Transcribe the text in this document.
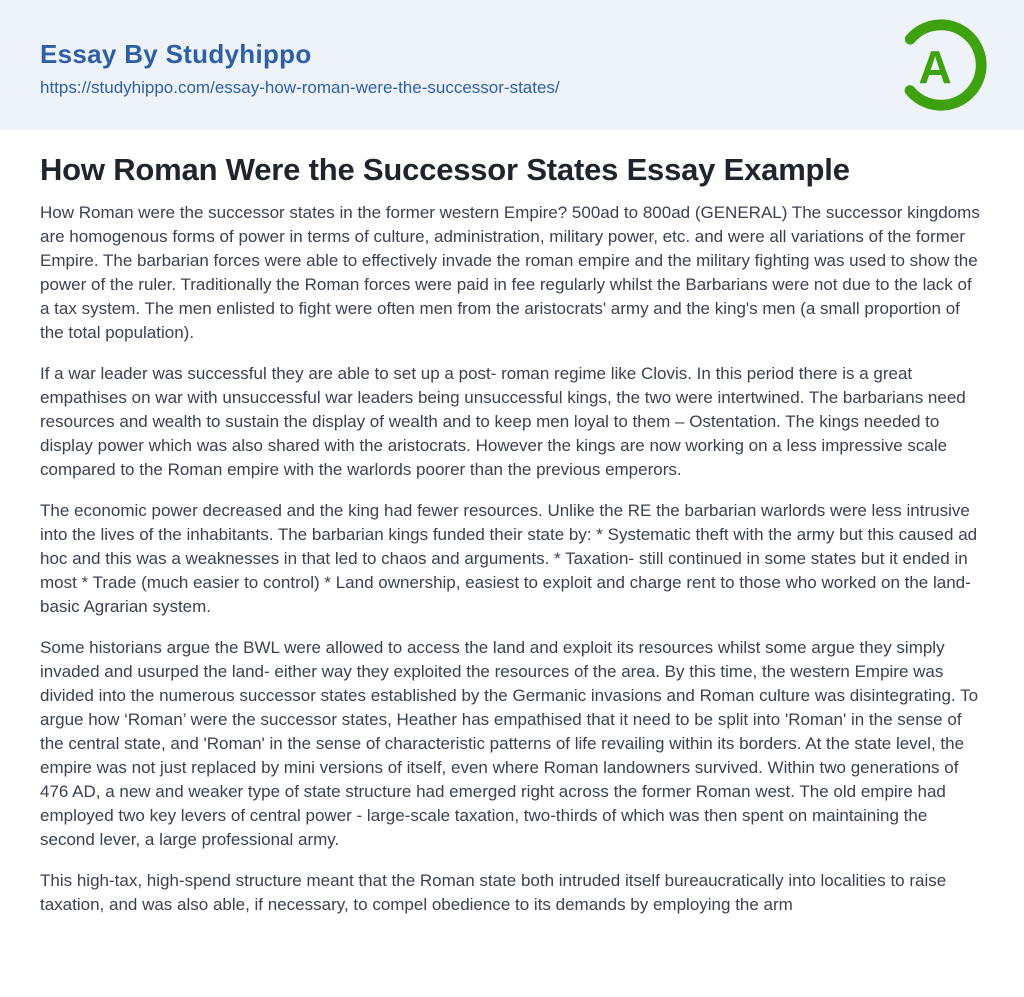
Essay By Studyhippo
https://studyhippo.com/essay-how-roman-were-the-successor-states/	A
How Roman Were the Successor States Essay Example

How Roman were the successor states in the former western Empire? 500ad to 800ad (GENERAL) The successor kingdoms are homogenous forms of power in terms of culture, administration, military power, etc. and were all variations of the former Empire. The barbarian forces were able to effectively invade the roman empire and the military fighting was used to show the power of the ruler. Traditionally the Roman forces were paid in fee regularly whilst the Barbarians were not due to the lack of a tax system. The men enlisted to fight were often men from the aristocrats' army and the king's men (a small proportion of the total population).

If a war leader was successful they are able to set up a post- roman regime like Clovis. In this period there is a great empathises on war with unsuccessful war leaders being unsuccessful kings, the two were intertwined. The barbarians need resources and wealth to sustain the display of wealth and to keep men loyal to them – Ostentation. The kings needed to display power which was also shared with the aristocrats. However the kings are now working on a less impressive scale compared to the Roman empire with the warlords poorer than the previous emperors.

The economic power decreased and the king had fewer resources. Unlike the RE the barbarian warlords were less intrusive into the lives of the inhabitants. The barbarian kings funded their state by: * Systematic theft with the army but this caused ad hoc and this was a weaknesses in that led to chaos and arguments. * Taxation- still continued in some states but it ended in most * Trade (much easier to control) * Land ownership, easiest to exploit and charge rent to those who worked on the land- basic Agrarian system.

Some historians argue the BWL were allowed to access the land and exploit its resources whilst some argue they simply invaded and usurped the land- either way they exploited the resources of the area. By this time, the western Empire was divided into the numerous successor states established by the Germanic invasions and Roman culture was disintegrating. To argue how ‘Roman’ were the successor states, Heather has empathised that it need to be split into 'Roman' in the sense of the central state, and 'Roman' in the sense of characteristic patterns of life revailing within its borders. At the state level, the empire was not just replaced by mini versions of itself, even where Roman landowners survived. Within two generations of 476 AD, a new and weaker type of state structure had emerged right across the former Roman west. The old empire had employed two key levers of central power - large-scale taxation, two-thirds of which was then spent on maintaining the second lever, a large professional army.

This high-tax, high-spend structure meant that the Roman state both intruded itself bureaucratically into localities to raise taxation, and was also able, if necessary, to compel obedience to its demands by employing the arm
